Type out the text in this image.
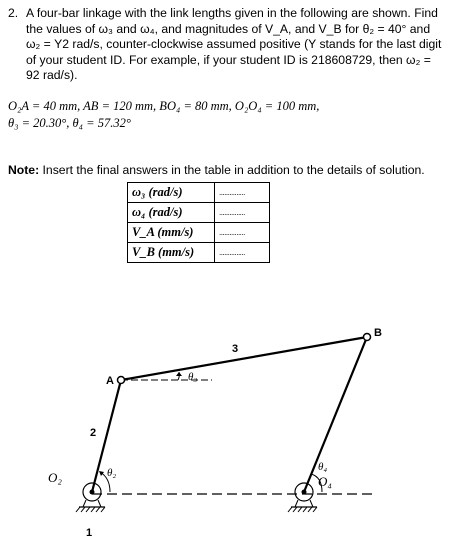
2. A four-bar linkage with the link lengths given in the following are shown. Find the values of ω₃ and ω₄, and magnitudes of V_A, and V_B for θ₂ = 40° and ω₂ = Y2 rad/s, counter-clockwise assumed positive (Y stands for the last digit of your student ID. For example, if your student ID is 218608729, then ω₂ = 92 rad/s).
O₂A = 40 mm, AB = 120 mm, BO₄ = 80 mm, O₂O₄ = 100 mm,
θ₃ = 20.30°, θ₄ = 57.32°
Note: Insert the final answers in the table in addition to the details of solution.
ω₃ (rad/s)	...............
ω₄ (rad/s)	...............
V_A (mm/s)	...............
V_B (mm/s)	...............
O₂	O₄
A
B
1
2
3
θ₂
θ₃
θ₄
